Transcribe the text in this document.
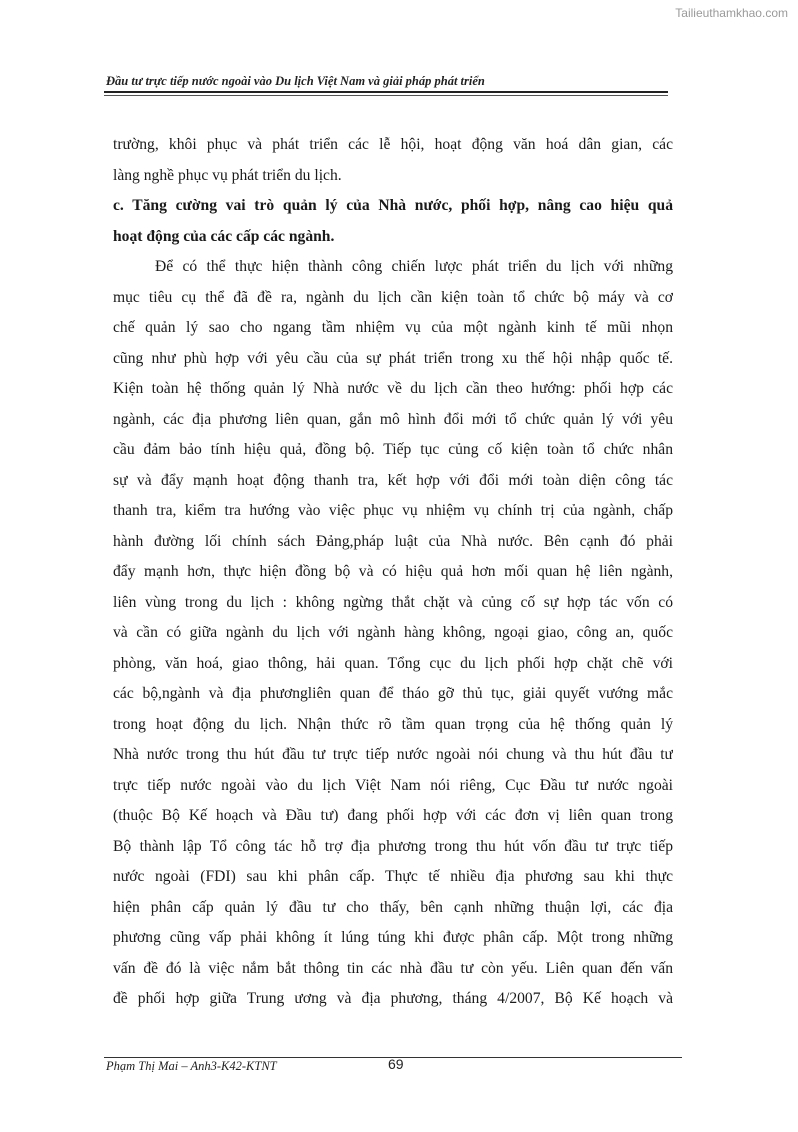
Tailieuthamkhao.com
Đầu tư trực tiếp nước ngoài vào Du lịch Việt Nam và giải pháp phát triển
trường, khôi phục và phát triển các lễ hội, hoạt động văn hoá dân gian, các
làng nghề phục vụ phát triển du lịch.
c. Tăng cường vai trò quản lý của Nhà nước, phối hợp, nâng cao hiệu quả
hoạt động của các cấp các ngành.
Để có thể thực hiện thành công chiến lược phát triển du lịch với những
mục tiêu cụ thể đã đề ra, ngành du lịch cần kiện toàn tổ chức bộ máy và cơ
chế quản lý sao cho ngang tầm nhiệm vụ của một ngành kinh tế mũi nhọn
cũng như phù hợp với yêu cầu của sự phát triển trong xu thế hội nhập quốc tế.
Kiện toàn hệ thống quản lý Nhà nước về du lịch cần theo hướng: phối hợp các
ngành, các địa phương liên quan, gắn mô hình đổi mới tổ chức quản lý với yêu
cầu đảm bảo tính hiệu quả, đồng bộ. Tiếp tục củng cố kiện toàn tổ chức nhân
sự và đẩy mạnh hoạt động thanh tra, kết hợp với đổi mới toàn diện công tác
thanh tra, kiểm tra hướng vào việc phục vụ nhiệm vụ chính trị của ngành, chấp
hành đường lối chính sách Đảng,pháp luật của Nhà nước. Bên cạnh đó phải
đẩy mạnh hơn, thực hiện đồng bộ và có hiệu quả hơn mối quan hệ liên ngành,
liên vùng trong du lịch : không ngừng thắt chặt và củng cố sự hợp tác vốn có
và cần có giữa ngành du lịch với ngành hàng không, ngoại giao, công an, quốc
phòng, văn hoá, giao thông, hải quan. Tổng cục du lịch phối hợp chặt chẽ với
các bộ,ngành và địa phươngliên quan để tháo gỡ thủ tục, giải quyết vướng mắc
trong hoạt động du lịch. Nhận thức rõ tầm quan trọng của hệ thống quản lý
Nhà nước trong thu hút đầu tư trực tiếp nước ngoài nói chung và thu hút đầu tư
trực tiếp nước ngoài vào du lịch Việt Nam nói riêng, Cục Đầu tư nước ngoài
(thuộc Bộ Kế hoạch và Đầu tư) đang phối hợp với các đơn vị liên quan trong
Bộ thành lập Tổ công tác hỗ trợ địa phương trong thu hút vốn đầu tư trực tiếp
nước ngoài (FDI) sau khi phân cấp. Thực tế nhiều địa phương sau khi thực
hiện phân cấp quản lý đầu tư cho thấy, bên cạnh những thuận lợi, các địa
phương cũng vấp phải không ít lúng túng khi được phân cấp. Một trong những
vấn đề đó là việc nắm bắt thông tin các nhà đầu tư còn yếu. Liên quan đến vấn
đề phối hợp giữa Trung ương và địa phương, tháng 4/2007, Bộ Kế hoạch và
Phạm Thị Mai – Anh3-K42-KTNT	69
